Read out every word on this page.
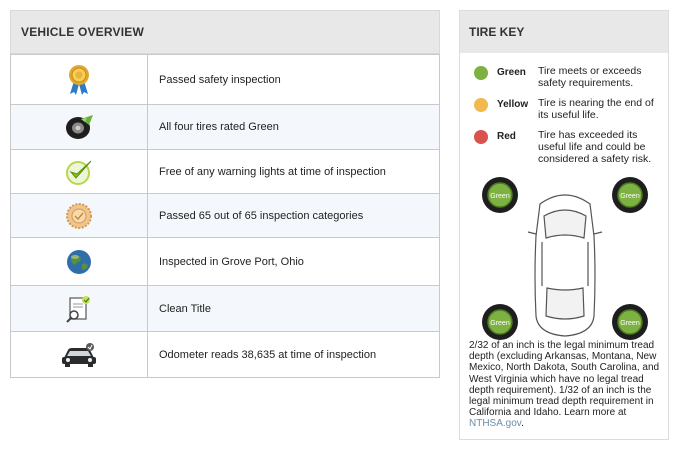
VEHICLE OVERVIEW
	Passed safety inspection
	All four tires rated Green
	Free of any warning lights at time of inspection
	Passed 65 out of 65 inspection categories
	Inspected in Grove Port, Ohio
	Clean Title
	Odometer reads 38,635 at time of inspection
TIRE KEY
Green	Tire meets or exceeds safety requirements.
Yellow Tire is nearing the end of its useful life.
Red	Tire has exceeded its useful life and could be considered a safety risk.
Green	Green
Green	Green
2/32 of an inch is the legal minimum tread depth (excluding Arkansas, Montana, New Mexico, North Dakota, South Carolina, and West Virginia which have no legal tread depth requirement). 1/32 of an inch is the legal minimum tread depth requirement in California and Idaho. Learn more at NTHSA.gov.
